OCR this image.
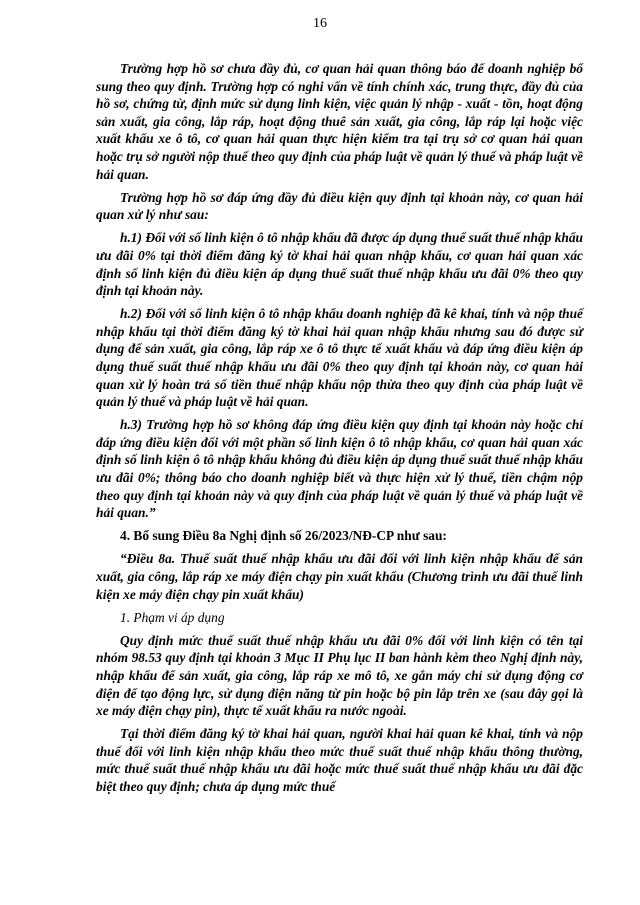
16

Trường hợp hồ sơ chưa đầy đủ, cơ quan hải quan thông báo để doanh nghiệp bổ sung theo quy định. Trường hợp có nghi vấn về tính chính xác, trung thực, đầy đủ của hồ sơ, chứng từ, định mức sử dụng linh kiện, việc quản lý nhập - xuất - tồn, hoạt động sản xuất, gia công, lắp ráp, hoạt động thuê sản xuất, gia công, lắp ráp lại hoặc việc xuất khẩu xe ô tô, cơ quan hải quan thực hiện kiểm tra tại trụ sở cơ quan hải quan hoặc trụ sở người nộp thuế theo quy định của pháp luật về quản lý thuế và pháp luật về hải quan.

Trường hợp hồ sơ đáp ứng đầy đủ điều kiện quy định tại khoản này, cơ quan hải quan xử lý như sau:

h.1) Đối với số linh kiện ô tô nhập khẩu đã được áp dụng thuế suất thuế nhập khẩu ưu đãi 0% tại thời điểm đăng ký tờ khai hải quan nhập khẩu, cơ quan hải quan xác định số linh kiện đủ điều kiện áp dụng thuế suất thuế nhập khẩu ưu đãi 0% theo quy định tại khoản này.

h.2) Đối với số linh kiện ô tô nhập khẩu doanh nghiệp đã kê khai, tính và nộp thuế nhập khẩu tại thời điểm đăng ký tờ khai hải quan nhập khẩu nhưng sau đó được sử dụng để sản xuất, gia công, lắp ráp xe ô tô thực tế xuất khẩu và đáp ứng điều kiện áp dụng thuế suất thuế nhập khẩu ưu đãi 0% theo quy định tại khoản này, cơ quan hải quan xử lý hoàn trả số tiền thuế nhập khẩu nộp thừa theo quy định của pháp luật về quản lý thuế và pháp luật về hải quan.

h.3) Trường hợp hồ sơ không đáp ứng điều kiện quy định tại khoản này hoặc chỉ đáp ứng điều kiện đối với một phần số linh kiện ô tô nhập khẩu, cơ quan hải quan xác định số linh kiện ô tô nhập khẩu không đủ điều kiện áp dụng thuế suất thuế nhập khẩu ưu đãi 0%; thông báo cho doanh nghiệp biết và thực hiện xử lý thuế, tiền chậm nộp theo quy định tại khoản này và quy định của pháp luật về quản lý thuế và pháp luật về hải quan.”

4. Bổ sung Điều 8a Nghị định số 26/2023/NĐ-CP như sau:

“Điều 8a. Thuế suất thuế nhập khẩu ưu đãi đối với linh kiện nhập khẩu để sản xuất, gia công, lắp ráp xe máy điện chạy pin xuất khẩu (Chương trình ưu đãi thuế linh kiện xe máy điện chạy pin xuất khẩu)

1. Phạm vi áp dụng

Quy định mức thuế suất thuế nhập khẩu ưu đãi 0% đối với linh kiện có tên tại nhóm 98.53 quy định tại khoản 3 Mục II Phụ lục II ban hành kèm theo Nghị định này, nhập khẩu để sản xuất, gia công, lắp ráp xe mô tô, xe gắn máy chỉ sử dụng động cơ điện để tạo động lực, sử dụng điện năng từ pin hoặc bộ pin lắp trên xe (sau đây gọi là xe máy điện chạy pin), thực tế xuất khẩu ra nước ngoài.

Tại thời điểm đăng ký tờ khai hải quan, người khai hải quan kê khai, tính và nộp thuế đối với linh kiện nhập khẩu theo mức thuế suất thuế nhập khẩu thông thường, mức thuế suất thuế nhập khẩu ưu đãi hoặc mức thuế suất thuế nhập khẩu ưu đãi đặc biệt theo quy định; chưa áp dụng mức thuế
